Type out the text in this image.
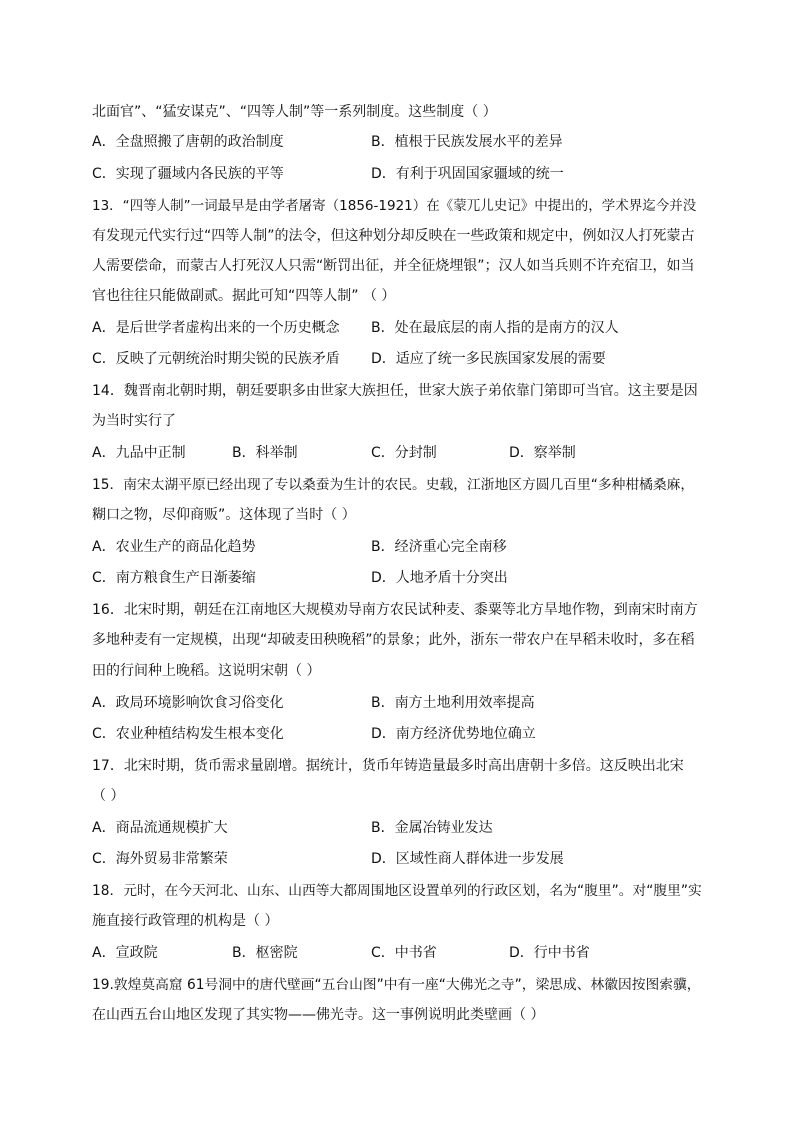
北面官”、“猛安谋克”、“四等人制”等一系列制度。这些制度（ ）
A．全盘照搬了唐朝的政治制度	B．植根于民族发展水平的差异
C．实现了疆域内各民族的平等	D．有利于巩固国家疆域的统一
13．“四等人制”一词最早是由学者屠寄（1856-1921）在《蒙兀儿史记》中提出的，学术界迄今并没
有发现元代实行过“四等人制”的法令，但这种划分却反映在一些政策和规定中，例如汉人打死蒙古
人需要偿命，而蒙古人打死汉人只需“断罚出征，并全征烧埋银”；汉人如当兵则不许充宿卫，如当
官也往往只能做副贰。据此可知“四等人制” （ ）
A．是后世学者虚构出来的一个历史概念 B．处在最底层的南人指的是南方的汉人
C．反映了元朝统治时期尖锐的民族矛盾 D．适应了统一多民族国家发展的需要
14．魏晋南北朝时期，朝廷要职多由世家大族担任，世家大族子弟依靠门第即可当官。这主要是因
为当时实行了
A．九品中正制	B．科举制	C．分封制	D．察举制
15．南宋太湖平原已经出现了专以桑蚕为生计的农民。史载，江浙地区方圆几百里“多种柑橘桑麻，
糊口之物，尽仰商贩”。这体现了当时（ ）
A．农业生产的商品化趋势	B．经济重心完全南移
C．南方粮食生产日渐萎缩	D．人地矛盾十分突出
16．北宋时期，朝廷在江南地区大规模劝导南方农民试种麦、黍粟等北方旱地作物，到南宋时南方
多地种麦有一定规模，出现“却破麦田秧晚稻”的景象；此外，浙东一带农户在早稻未收时，多在稻
田的行间种上晚稻。这说明宋朝（ ）
A．政局环境影响饮食习俗变化	B．南方土地利用效率提高
C．农业种植结构发生根本变化	D．南方经济优势地位确立
17．北宋时期，货币需求量剧增。据统计，货币年铸造量最多时高出唐朝十多倍。这反映出北宋
（ ）
A．商品流通规模扩大	B．金属冶铸业发达
C．海外贸易非常繁荣	D．区域性商人群体进一步发展
18．元时，在今天河北、山东、山西等大都周围地区设置单列的行政区划，名为“腹里”。对“腹里”实
施直接行政管理的机构是（ ）
A．宣政院	B．枢密院	C．中书省	D．行中书省
19.敦煌莫高窟 61号洞中的唐代壁画“五台山图”中有一座“大佛光之寺”，梁思成、林徽因按图索骥，
在山西五台山地区发现了其实物——佛光寺。这一事例说明此类壁画（ ）
